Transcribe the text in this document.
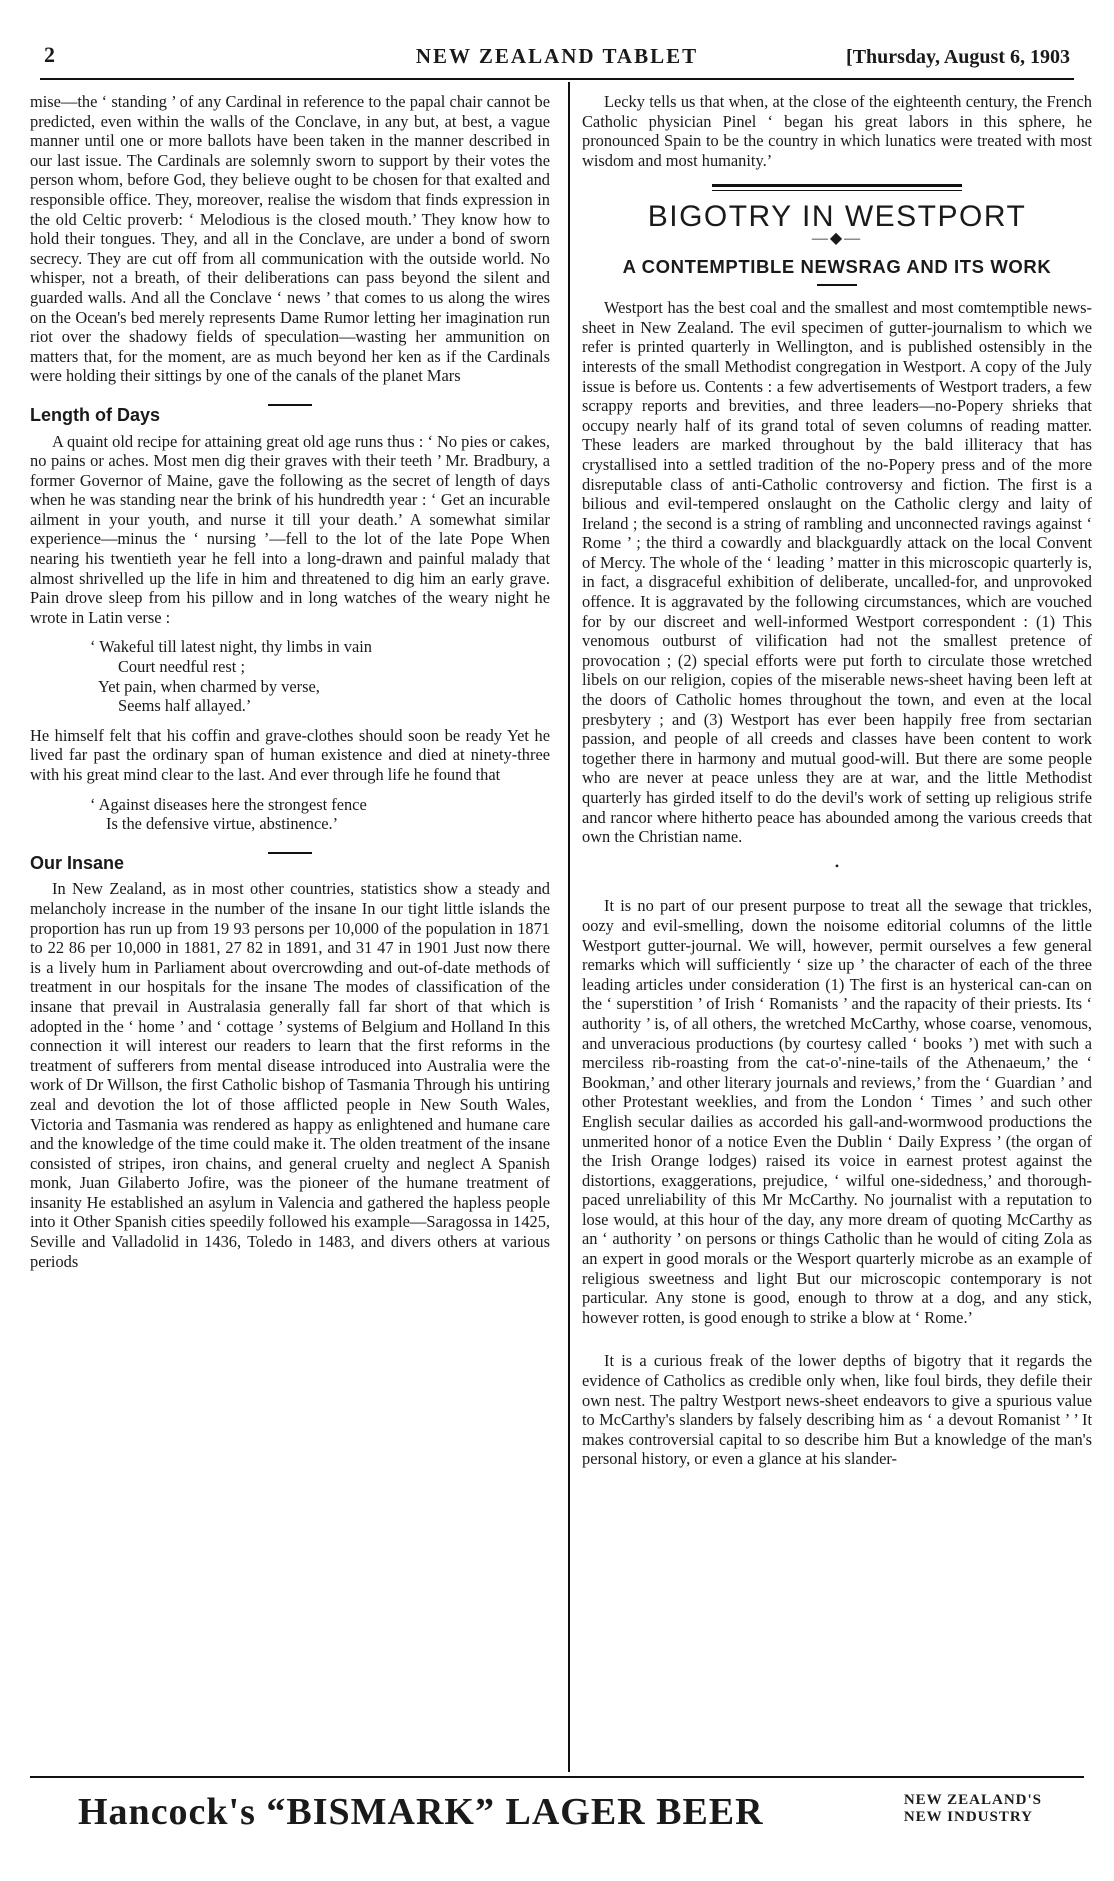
2	NEW ZEALAND TABLET	[Thursday, August 6, 1903

mise—the ‘ standing ’ of any Cardinal in reference to the papal chair cannot be predicted, even within the walls of the Conclave, in any but, at best, a vague manner until one or more ballots have been taken in the manner described in our last issue. The Cardinals are solemnly sworn to support by their votes the person whom, before God, they believe ought to be chosen for that exalted and responsible office. They, moreover, realise the wisdom that finds expression in the old Celtic proverb: ‘ Melodious is the closed mouth.’ They know how to hold their tongues. They, and all in the Conclave, are under a bond of sworn secrecy. They are cut off from all communication with the outside world. No whisper, not a breath, of their deliberations can pass beyond the silent and guarded walls. And all the Conclave ‘ news ’ that comes to us along the wires on the Ocean's bed merely represents Dame Rumor letting her imagination run riot over the shadowy fields of speculation—wasting her ammunition on matters that, for the moment, are as much beyond her ken as if the Cardinals were holding their sittings by one of the canals of the planet Mars

Length of Days

A quaint old recipe for attaining great old age runs thus : ‘ No pies or cakes, no pains or aches. Most men dig their graves with their teeth ’ Mr. Bradbury, a former Governor of Maine, gave the following as the secret of length of days when he was standing near the brink of his hundredth year : ‘ Get an incurable ailment in your youth, and nurse it till your death.’ A somewhat similar experience—minus the ‘ nursing ’—fell to the lot of the late Pope When nearing his twentieth year he fell into a long-drawn and painful malady that almost shrivelled up the life in him and threatened to dig him an early grave. Pain drove sleep from his pillow and in long watches of the weary night he wrote in Latin verse :

‘ Wakeful till latest night, thy limbs in vain
Court needful rest ;
Yet pain, when charmed by verse,
Seems half allayed.’

He himself felt that his coffin and grave-clothes should soon be ready Yet he lived far past the ordinary span of human existence and died at ninety-three with his great mind clear to the last. And ever through life he found that

‘ Against diseases here the strongest fence
Is the defensive virtue, abstinence.’
Our Insane

In New Zealand, as in most other countries, statistics show a steady and melancholy increase in the number of the insane In our tight little islands the proportion has run up from 19 93 persons per 10,000 of the population in 1871 to 22 86 per 10,000 in 1881, 27 82 in 1891, and 31 47 in 1901 Just now there is a lively hum in Parliament about overcrowding and out-of-date methods of treatment in our hospitals for the insane The modes of classification of the insane that prevail in Australasia generally fall far short of that which is adopted in the ‘ home ’ and ‘ cottage ’ systems of Belgium and Holland In this connection it will interest our readers to learn that the first reforms in the treatment of sufferers from mental disease introduced into Australia were the work of Dr Willson, the first Catholic bishop of Tasmania Through his untiring zeal and devotion the lot of those afflicted people in New South Wales, Victoria and Tasmania was rendered as happy as enlightened and humane care and the knowledge of the time could make it. The olden treatment of the insane consisted of stripes, iron chains, and general cruelty and neglect A Spanish monk, Juan Gilaberto Jofire, was the pioneer of the humane treatment of insanity He established an asylum in Valencia and gathered the hapless people into it Other Spanish cities speedily followed his example—Saragossa in 1425, Seville and Valladolid in 1436, Toledo in 1483, and divers others at various periods

Lecky tells us that when, at the close of the eighteenth century, the French Catholic physician Pinel ‘ began his great labors in this sphere, he pronounced Spain to be the country in which lunatics were treated with most wisdom and most humanity.’

BIGOTRY IN WESTPORT
—◆—
A CONTEMPTIBLE NEWSRAG AND ITS WORK

Westport has the best coal and the smallest and most comtemptible news-sheet in New Zealand. The evil specimen of gutter-journalism to which we refer is printed quarterly in Wellington, and is published ostensibly in the interests of the small Methodist congregation in Westport. A copy of the July issue is before us. Contents : a few advertisements of Westport traders, a few scrappy reports and brevities, and three leaders—no-Popery shrieks that occupy nearly half of its grand total of seven columns of reading matter. These leaders are marked throughout by the bald illiteracy that has crystallised into a settled tradition of the no-Popery press and of the more disreputable class of anti-Catholic controversy and fiction. The first is a bilious and evil-tempered onslaught on the Catholic clergy and laity of Ireland ; the second is a string of rambling and unconnected ravings against ‘ Rome ’ ; the third a cowardly and blackguardly attack on the local Convent of Mercy. The whole of the ‘ leading ’ matter in this microscopic quarterly is, in fact, a disgraceful exhibition of deliberate, uncalled-for, and unprovoked offence. It is aggravated by the following circumstances, which are vouched for by our discreet and well-informed Westport correspondent : (1) This venomous outburst of vilification had not the smallest pretence of provocation ; (2) special efforts were put forth to circulate those wretched libels on our religion, copies of the miserable news-sheet having been left at the doors of Catholic homes throughout the town, and even at the local presbytery ; and (3) Westport has ever been happily free from sectarian passion, and people of all creeds and classes have been content to work together there in harmony and mutual good-will. But there are some people who are never at peace unless they are at war, and the little Methodist quarterly has girded itself to do the devil's work of setting up religious strife and rancor where hitherto peace has abounded among the various creeds that own the Christian name.

•

It is no part of our present purpose to treat all the sewage that trickles, oozy and evil-smelling, down the noisome editorial columns of the little Westport gutter-journal. We will, however, permit ourselves a few general remarks which will sufficiently ‘ size up ’ the character of each of the three leading articles under consideration (1) The first is an hysterical can-can on the ‘ superstition ’ of Irish ‘ Romanists ’ and the rapacity of their priests. Its ‘ authority ’ is, of all others, the wretched McCarthy, whose coarse, venomous, and unveracious productions (by courtesy called ‘ books ’) met with such a merciless rib-roasting from the cat-o'-nine-tails of the Athenaeum,’ the ‘ Bookman,’ and other literary journals and reviews,’ from the ‘ Guardian ’ and other Protestant weeklies, and from the London ‘ Times ’ and such other English secular dailies as accorded his gall-and-wormwood productions the unmerited honor of a notice Even the Dublin ‘ Daily Express ’ (the organ of the Irish Orange lodges) raised its voice in earnest protest against the distortions, exaggerations, prejudice, ‘ wilful one-sidedness,’ and thorough-paced unreliability of this Mr McCarthy. No journalist with a reputation to lose would, at this hour of the day, any more dream of quoting McCarthy as an ‘ authority ’ on persons or things Catholic than he would of citing Zola as an expert in good morals or the Wesport quarterly microbe as an example of religious sweetness and light But our microscopic contemporary is not particular. Any stone is good, enough to throw at a dog, and any stick, however rotten, is good enough to strike a blow at ‘ Rome.’

It is a curious freak of the lower depths of bigotry that it regards the evidence of Catholics as credible only when, like foul birds, they defile their own nest. The paltry Westport news-sheet endeavors to give a spurious value to McCarthy's slanders by falsely describing him as ‘ a devout Romanist ’ ’ It makes controversial capital to so describe him But a knowledge of the man's personal history, or even a glance at his slander-

Hancock's “BISMARK” LAGER BEER	NEW ZEALAND'S
NEW INDUSTRY
